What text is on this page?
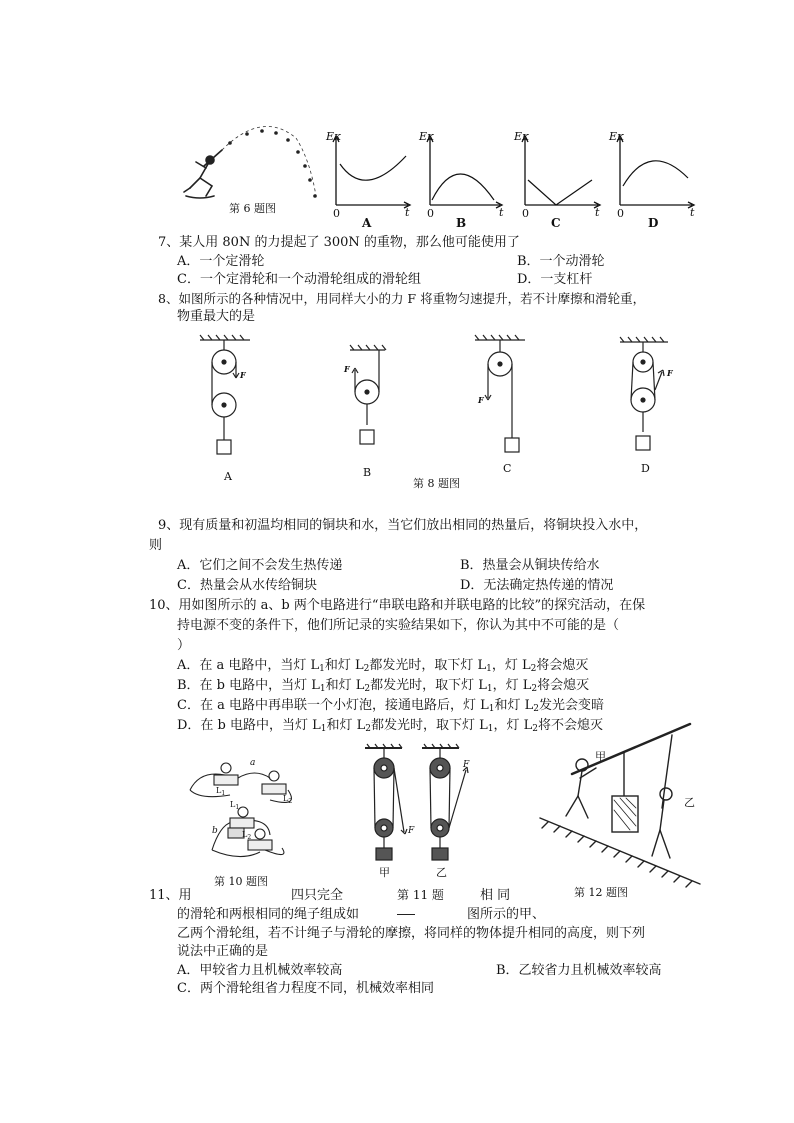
第 6 题图
Eκ	Eκ	Eκ	Eκ
t	t	t	t
0	0	0	0
A	B	C	D
7、某人用 80N 的力提起了 300N 的重物，那么他可能使用了
A．一个定滑轮	B．一个动滑轮
C．一个定滑轮和一个动滑轮组成的滑轮组	D．一支杠杆
8、如图所示的各种情况中，用同样大小的力 F 将重物匀速提升，若不计摩擦和滑轮重，
物重最大的是
F
F
F
F
A	B	C	D
第 8 题图
9、现有质量和初温均相同的铜块和水，当它们放出相同的热量后，将铜块投入水中，
则
A．它们之间不会发生热传递	B．热量会从铜块传给水
C．热量会从水传给铜块	D．无法确定热传递的情况
10、用如图所示的 a、b 两个电路进行“串联电路和并联电路的比较”的探究活动，在保
持电源不变的条件下，他们所记录的实验结果如下，你认为其中不可能的是（
）
A．在 a 电路中，当灯 $L_1$和灯 $L_2$都发光时，取下灯 $L_1$，灯 $L_2$将会熄灭
B．在 b 电路中，当灯 $L_1$和灯 $L_2$都发光时，取下灯 $L_1$，灯 $L_2$将会熄灭
C．在 a 电路中再串联一个小灯泡，接通电路后，灯 $L_1$和灯 $L_2$发光会变暗
D．在 b 电路中，当灯 $L_1$和灯 $L_2$都发光时，取下灯 $L_1$，灯 $L_2$将不会熄灭
a
b
$L_1$
$L_2$
$L_1$
$L_2$
第 10 题图
F
F
甲	乙
甲
乙
第 12 题图
11、用	四只完全	第 11 题	相 同
的滑轮和两根相同的绳子组成如	图所示的甲、
乙两个滑轮组，若不计绳子与滑轮的摩擦，将同样的物体提升相同的高度，则下列
说法中正确的是
A．甲较省力且机械效率较高	B．乙较省力且机械效率较高
C．两个滑轮组省力程度不同，机械效率相同
